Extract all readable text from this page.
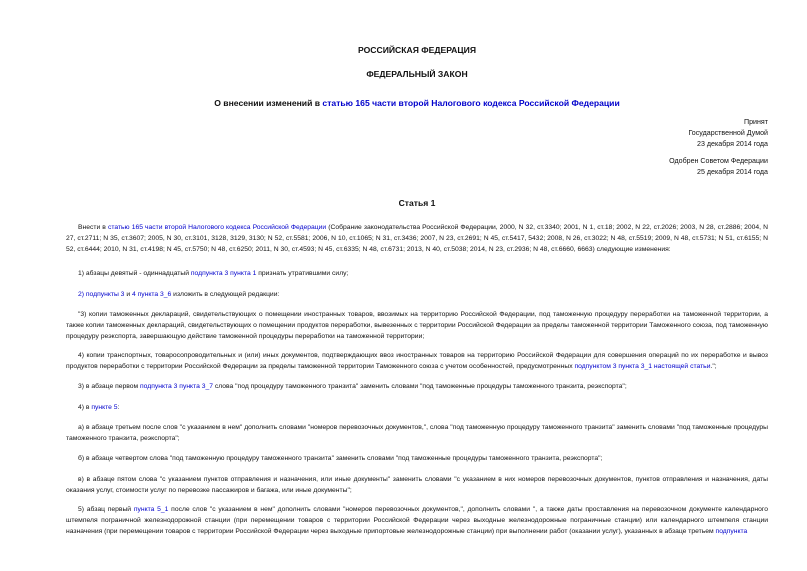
РОССИЙСКАЯ ФЕДЕРАЦИЯ
ФЕДЕРАЛЬНЫЙ ЗАКОН
О внесении изменений в статью 165 части второй Налогового кодекса Российской Федерации
Принят
Государственной Думой
23 декабря 2014 года
Одобрен Советом Федерации
25 декабря 2014 года
Статья 1

Внести в статью 165 части второй Налогового кодекса Российской Федерации (Собрание законодательства Российской Федерации, 2000, N 32, ст.3340; 2001, N 1, ст.18; 2002, N 22, ст.2026; 2003, N 28, ст.2886; 2004, N 27, ст.2711; N 35, ст.3607; 2005, N 30, ст.3101, 3128, 3129, 3130; N 52, ст.5581; 2006, N 10, ст.1065; N 31, ст.3436; 2007, N 23, ст.2691; N 45, ст.5417, 5432; 2008, N 26, ст.3022; N 48, ст.5519; 2009, N 48, ст.5731; N 51, ст.6155; N 52, ст.6444; 2010, N 31, ст.4198; N 45, ст.5750; N 48, ст.6250; 2011, N 30, ст.4593; N 45, ст.6335; N 48, ст.6731; 2013, N 40, ст.5038; 2014, N 23, ст.2936; N 48, ст.6660, 6663) следующие изменения:

1) абзацы девятый - одиннадцатый подпункта 3 пункта 1 признать утратившими силу;

2) подпункты 3 и 4 пункта 3_6 изложить в следующей редакции:

"3) копии таможенных деклараций, свидетельствующих о помещении иностранных товаров, ввозимых на территорию Российской Федерации, под таможенную процедуру переработки на таможенной территории, а также копии таможенных деклараций, свидетельствующих о помещении продуктов переработки, вывезенных с территории Российской Федерации за пределы таможенной территории Таможенного союза, под таможенную процедуру реэкспорта, завершающую действие таможенной процедуры переработки на таможенной территории;

4) копии транспортных, товаросопроводительных и (или) иных документов, подтверждающих ввоз иностранных товаров на территорию Российской Федерации для совершения операций по их переработке и вывоз продуктов переработки с территории Российской Федерации за пределы таможенной территории Таможенного союза с учетом особенностей, предусмотренных подпунктом 3 пункта 3_1 настоящей статьи.";

3) в абзаце первом подпункта 3 пункта 3_7 слова "под процедуру таможенного транзита" заменить словами "под таможенные процедуры таможенного транзита, реэкспорта";

4) в пункте 5:

а) в абзаце третьем после слов "с указанием в нем" дополнить словами "номеров перевозочных документов,", слова "под таможенную процедуру таможенного транзита" заменить словами "под таможенные процедуры таможенного транзита, реэкспорта";

б) в абзаце четвертом слова "под таможенную процедуру таможенного транзита" заменить словами "под таможенные процедуры таможенного транзита, реэкспорта";

в) в абзаце пятом слова "с указанием пунктов отправления и назначения, или иные документы" заменить словами "с указанием в них номеров перевозочных документов, пунктов отправления и назначения, даты оказания услуг, стоимости услуг по перевозке пассажиров и багажа, или иные документы";

5) абзац первый пункта 5_1 после слов "с указанием в нем" дополнить словами "номеров перевозочных документов,", дополнить словами ", а также даты проставления на перевозочном документе календарного штемпеля пограничной железнодорожной станции (при перемещении товаров с территории Российской Федерации через выходные железнодорожные пограничные станции) или календарного штемпеля станции назначения (при перемещении товаров с территории Российской Федерации через выходные припортовые железнодорожные станции) при выполнении работ (оказании услуг), указанных в абзаце третьем подпункта
